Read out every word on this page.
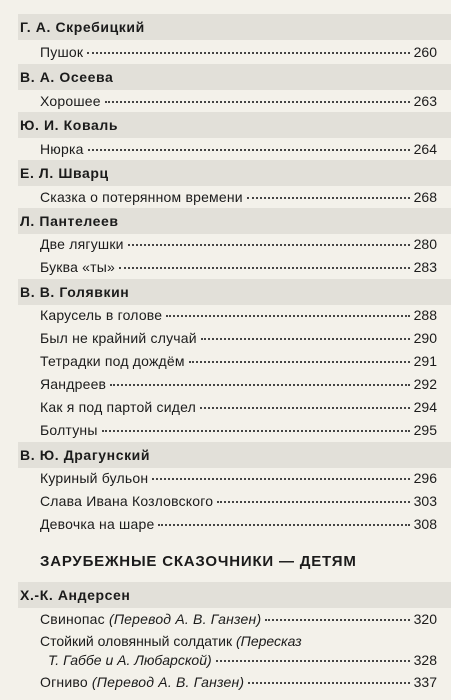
Г. А. Скребицкий
Пушок	260
В. А. Осеева
Хорошее	263
Ю. И. Коваль
Нюрка	264
Е. Л. Шварц
Сказка о потерянном времени	268
Л. Пантелеев
Две лягушки	280
Буква «ты»	283
В. В. Голявкин
Карусель в голове	288
Был не крайний случай	290
Тетрадки под дождём	291
Яандреев	292
Как я под партой сидел	294
Болтуны	295
В. Ю. Драгунский
Куриный бульон	296
Слава Ивана Козловского	303
Девочка на шаре	308
ЗАРУБЕЖНЫЕ СКАЗОЧНИКИ — ДЕТЯМ
Х.-К. Андерсен
Свинопас (Перевод А. В. Ганзен)	320
Стойкий оловянный солдатик (Пересказ
Т. Габбе и А. Любарской)	328
Огниво (Перевод А. В. Ганзен)	337
